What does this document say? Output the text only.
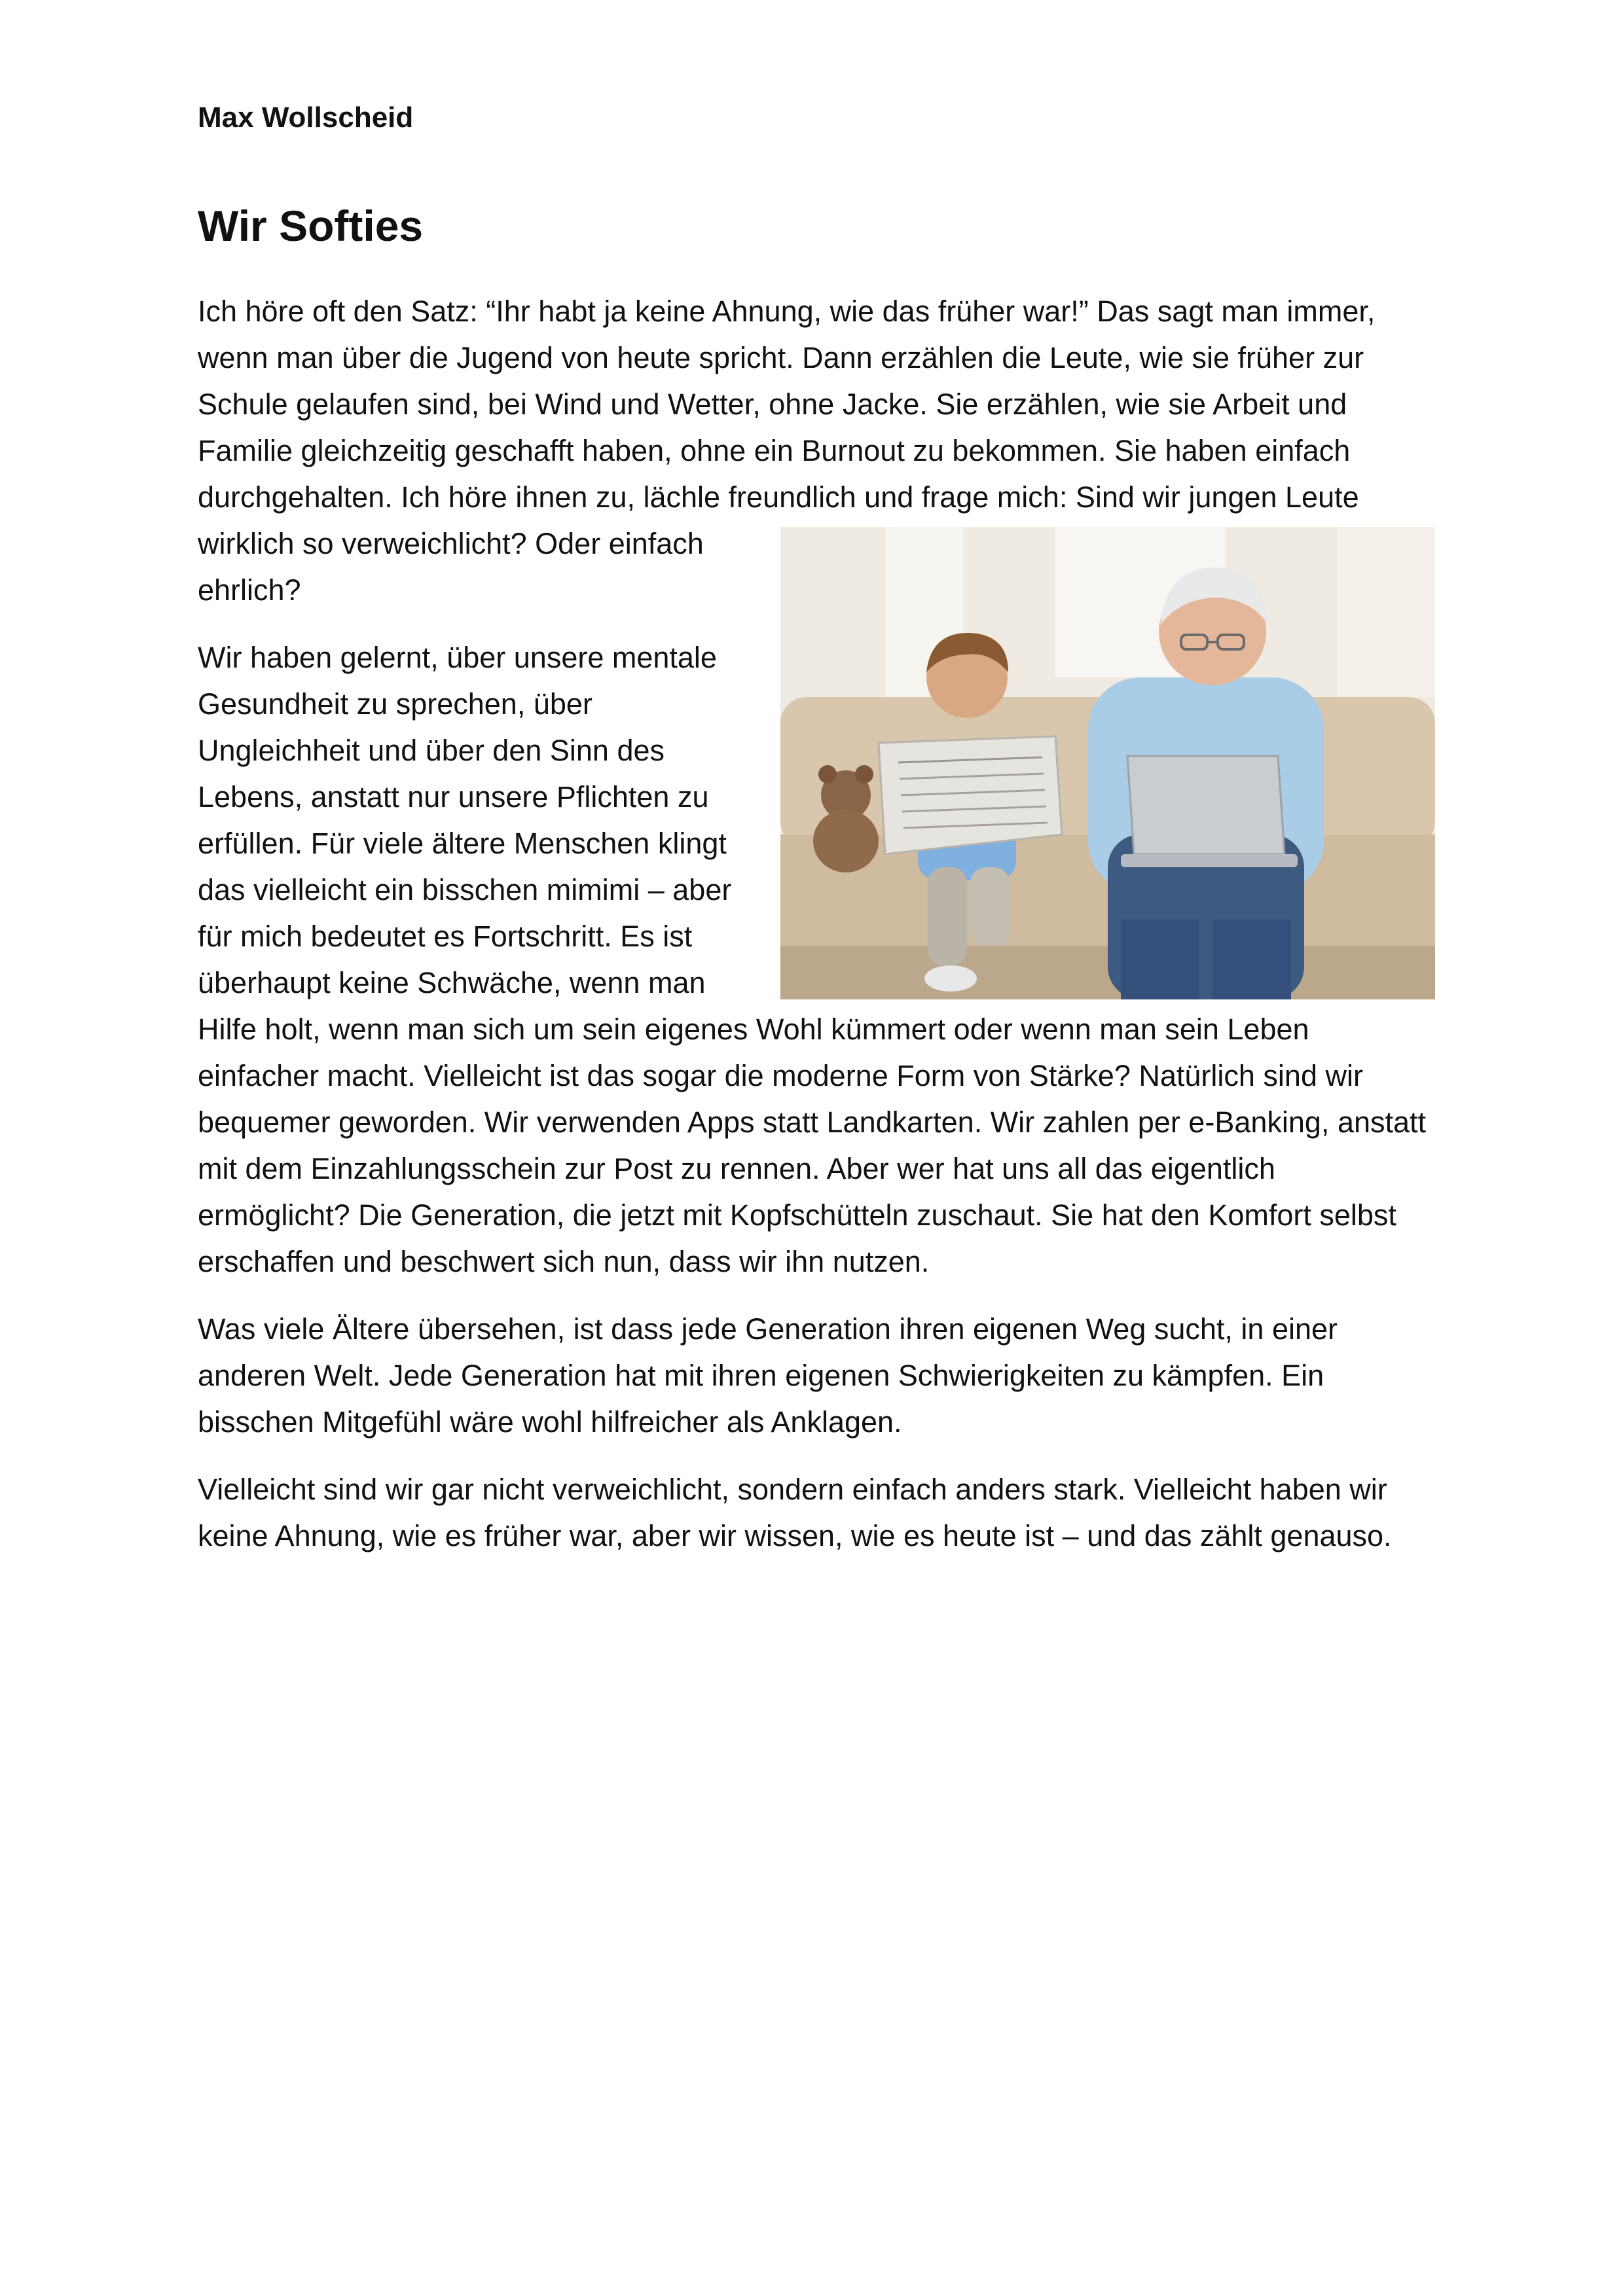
Max Wollscheid
Wir Softies

Ich höre oft den Satz: “Ihr habt ja keine Ahnung, wie das früher war!” Das sagt man immer, wenn man über die Jugend von heute spricht. Dann erzählen die Leute, wie sie früher zur Schule gelaufen sind, bei Wind und Wetter, ohne Jacke. Sie erzählen, wie sie Arbeit und Familie gleichzeitig geschafft haben, ohne ein Burnout zu bekommen. Sie haben einfach durchgehalten. Ich höre ihnen zu, lächle freundlich und frage mich: Sind wir jungen Leute
wirklich so verweichlicht? Oder einfach ehrlich?

Wir haben gelernt, über unsere mentale Gesundheit zu sprechen, über Ungleichheit und über den Sinn des Lebens, anstatt nur unsere Pflichten zu erfüllen. Für viele ältere Menschen klingt das vielleicht ein bisschen mimimi – aber für mich bedeutet es Fortschritt. Es ist überhaupt keine Schwäche, wenn man Hilfe holt, wenn man sich um sein eigenes Wohl kümmert oder wenn man sein Leben einfacher macht. Vielleicht ist das sogar die moderne Form von Stärke? Natürlich sind wir bequemer geworden. Wir verwenden Apps statt Landkarten. Wir zahlen per e-Banking, anstatt mit dem Einzahlungsschein zur Post zu rennen. Aber wer hat uns all das eigentlich ermöglicht? Die Generation, die jetzt mit Kopfschütteln zuschaut. Sie hat den Komfort selbst erschaffen und beschwert sich nun, dass wir ihn nutzen.

Was viele Ältere übersehen, ist dass jede Generation ihren eigenen Weg sucht, in einer anderen Welt. Jede Generation hat mit ihren eigenen Schwierigkeiten zu kämpfen. Ein bisschen Mitgefühl wäre wohl hilfreicher als Anklagen.

Vielleicht sind wir gar nicht verweichlicht, sondern einfach anders stark. Vielleicht haben wir keine Ahnung, wie es früher war, aber wir wissen, wie es heute ist – und das zählt genauso.
